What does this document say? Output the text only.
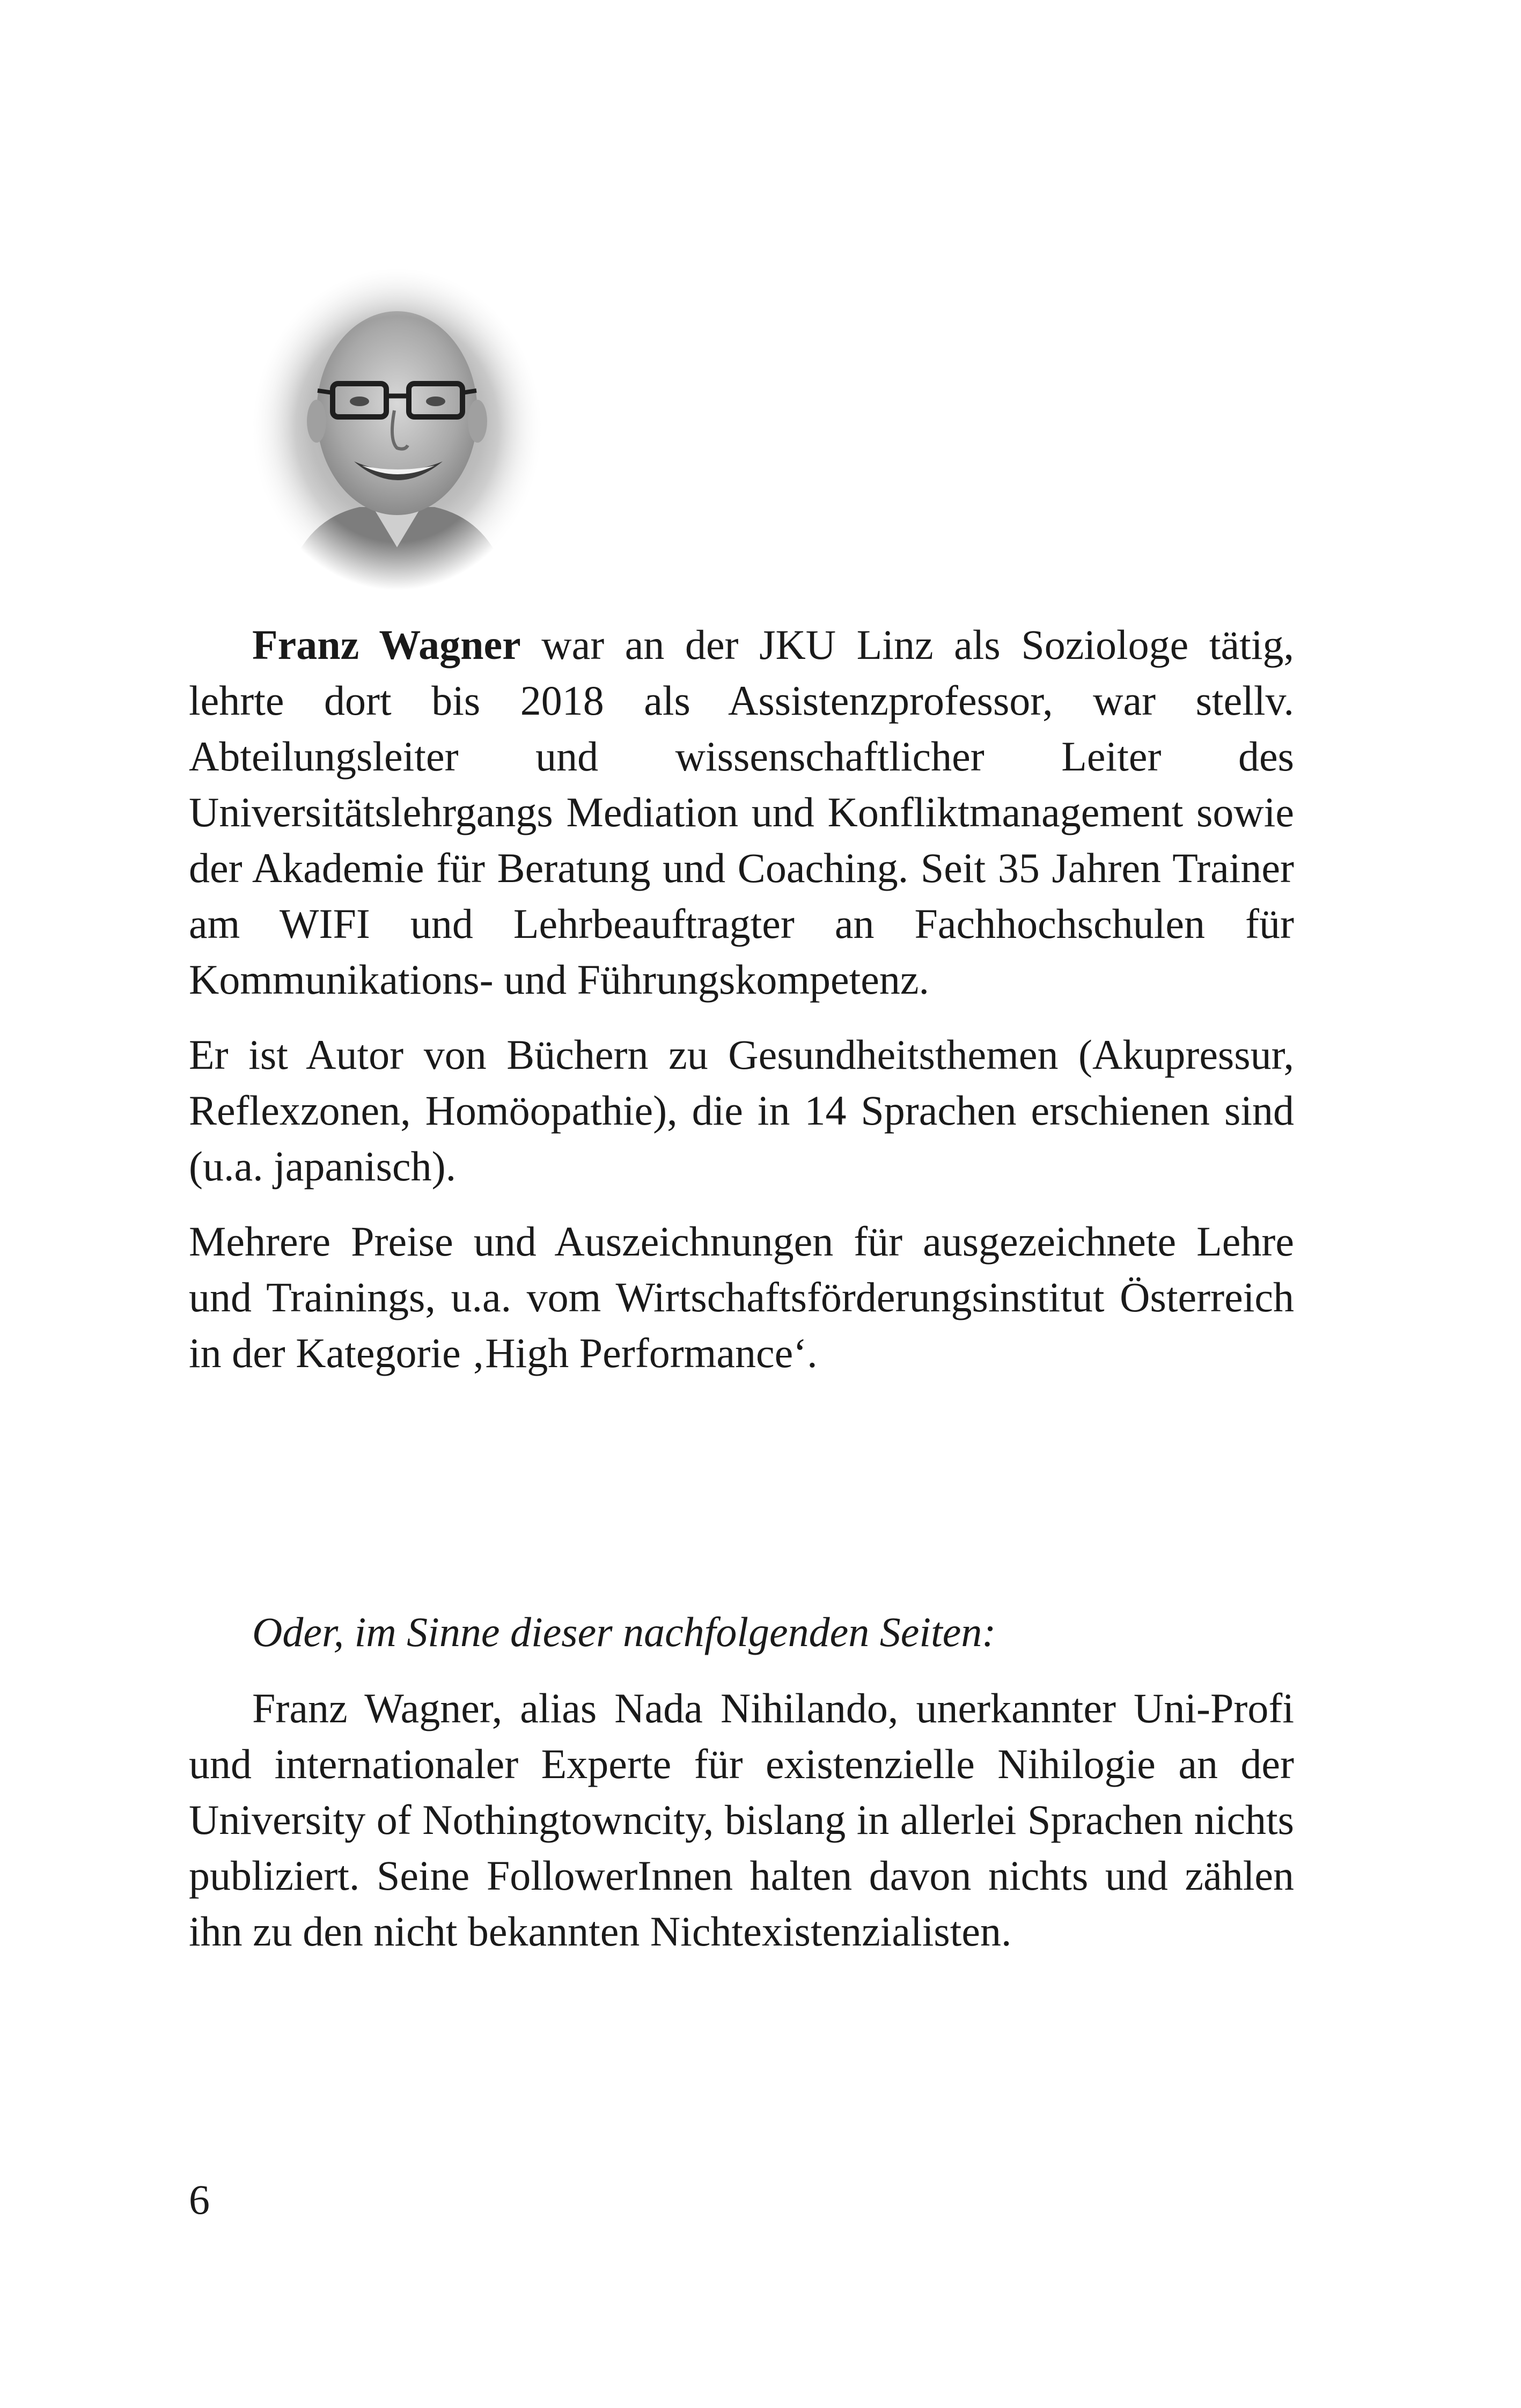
Franz Wagner war an der JKU Linz als Soziologe tätig, lehrte dort bis 2018 als Assistenzprofessor, war stellv. Abteilungsleiter und wissenschaftlicher Leiter des Universitätslehrgangs Mediation und Konfliktmanagement sowie der Akademie für Beratung und Coaching. Seit 35 Jahren Trainer am WIFI und Lehrbeauftragter an Fachhochschulen für Kommunikations- und Führungskompetenz.

Er ist Autor von Büchern zu Gesundheitsthemen (Akupressur, Reflexzonen, Homöopathie), die in 14 Sprachen erschienen sind (u.a. japanisch).

Mehrere Preise und Auszeichnungen für ausgezeichnete Lehre und Trainings, u.a. vom Wirtschaftsförderungsinstitut Österreich in der Kategorie ‚High Performance‘.

Oder, im Sinne dieser nachfolgenden Seiten:

Franz Wagner, alias Nada Nihilando, unerkannter Uni-Profi und internationaler Experte für existenzielle Nihilogie an der University of Nothingtowncity, bislang in allerlei Sprachen nichts publiziert. Seine FollowerInnen halten davon nichts und zählen ihn zu den nicht bekannten Nichtexistenzialisten.

6
